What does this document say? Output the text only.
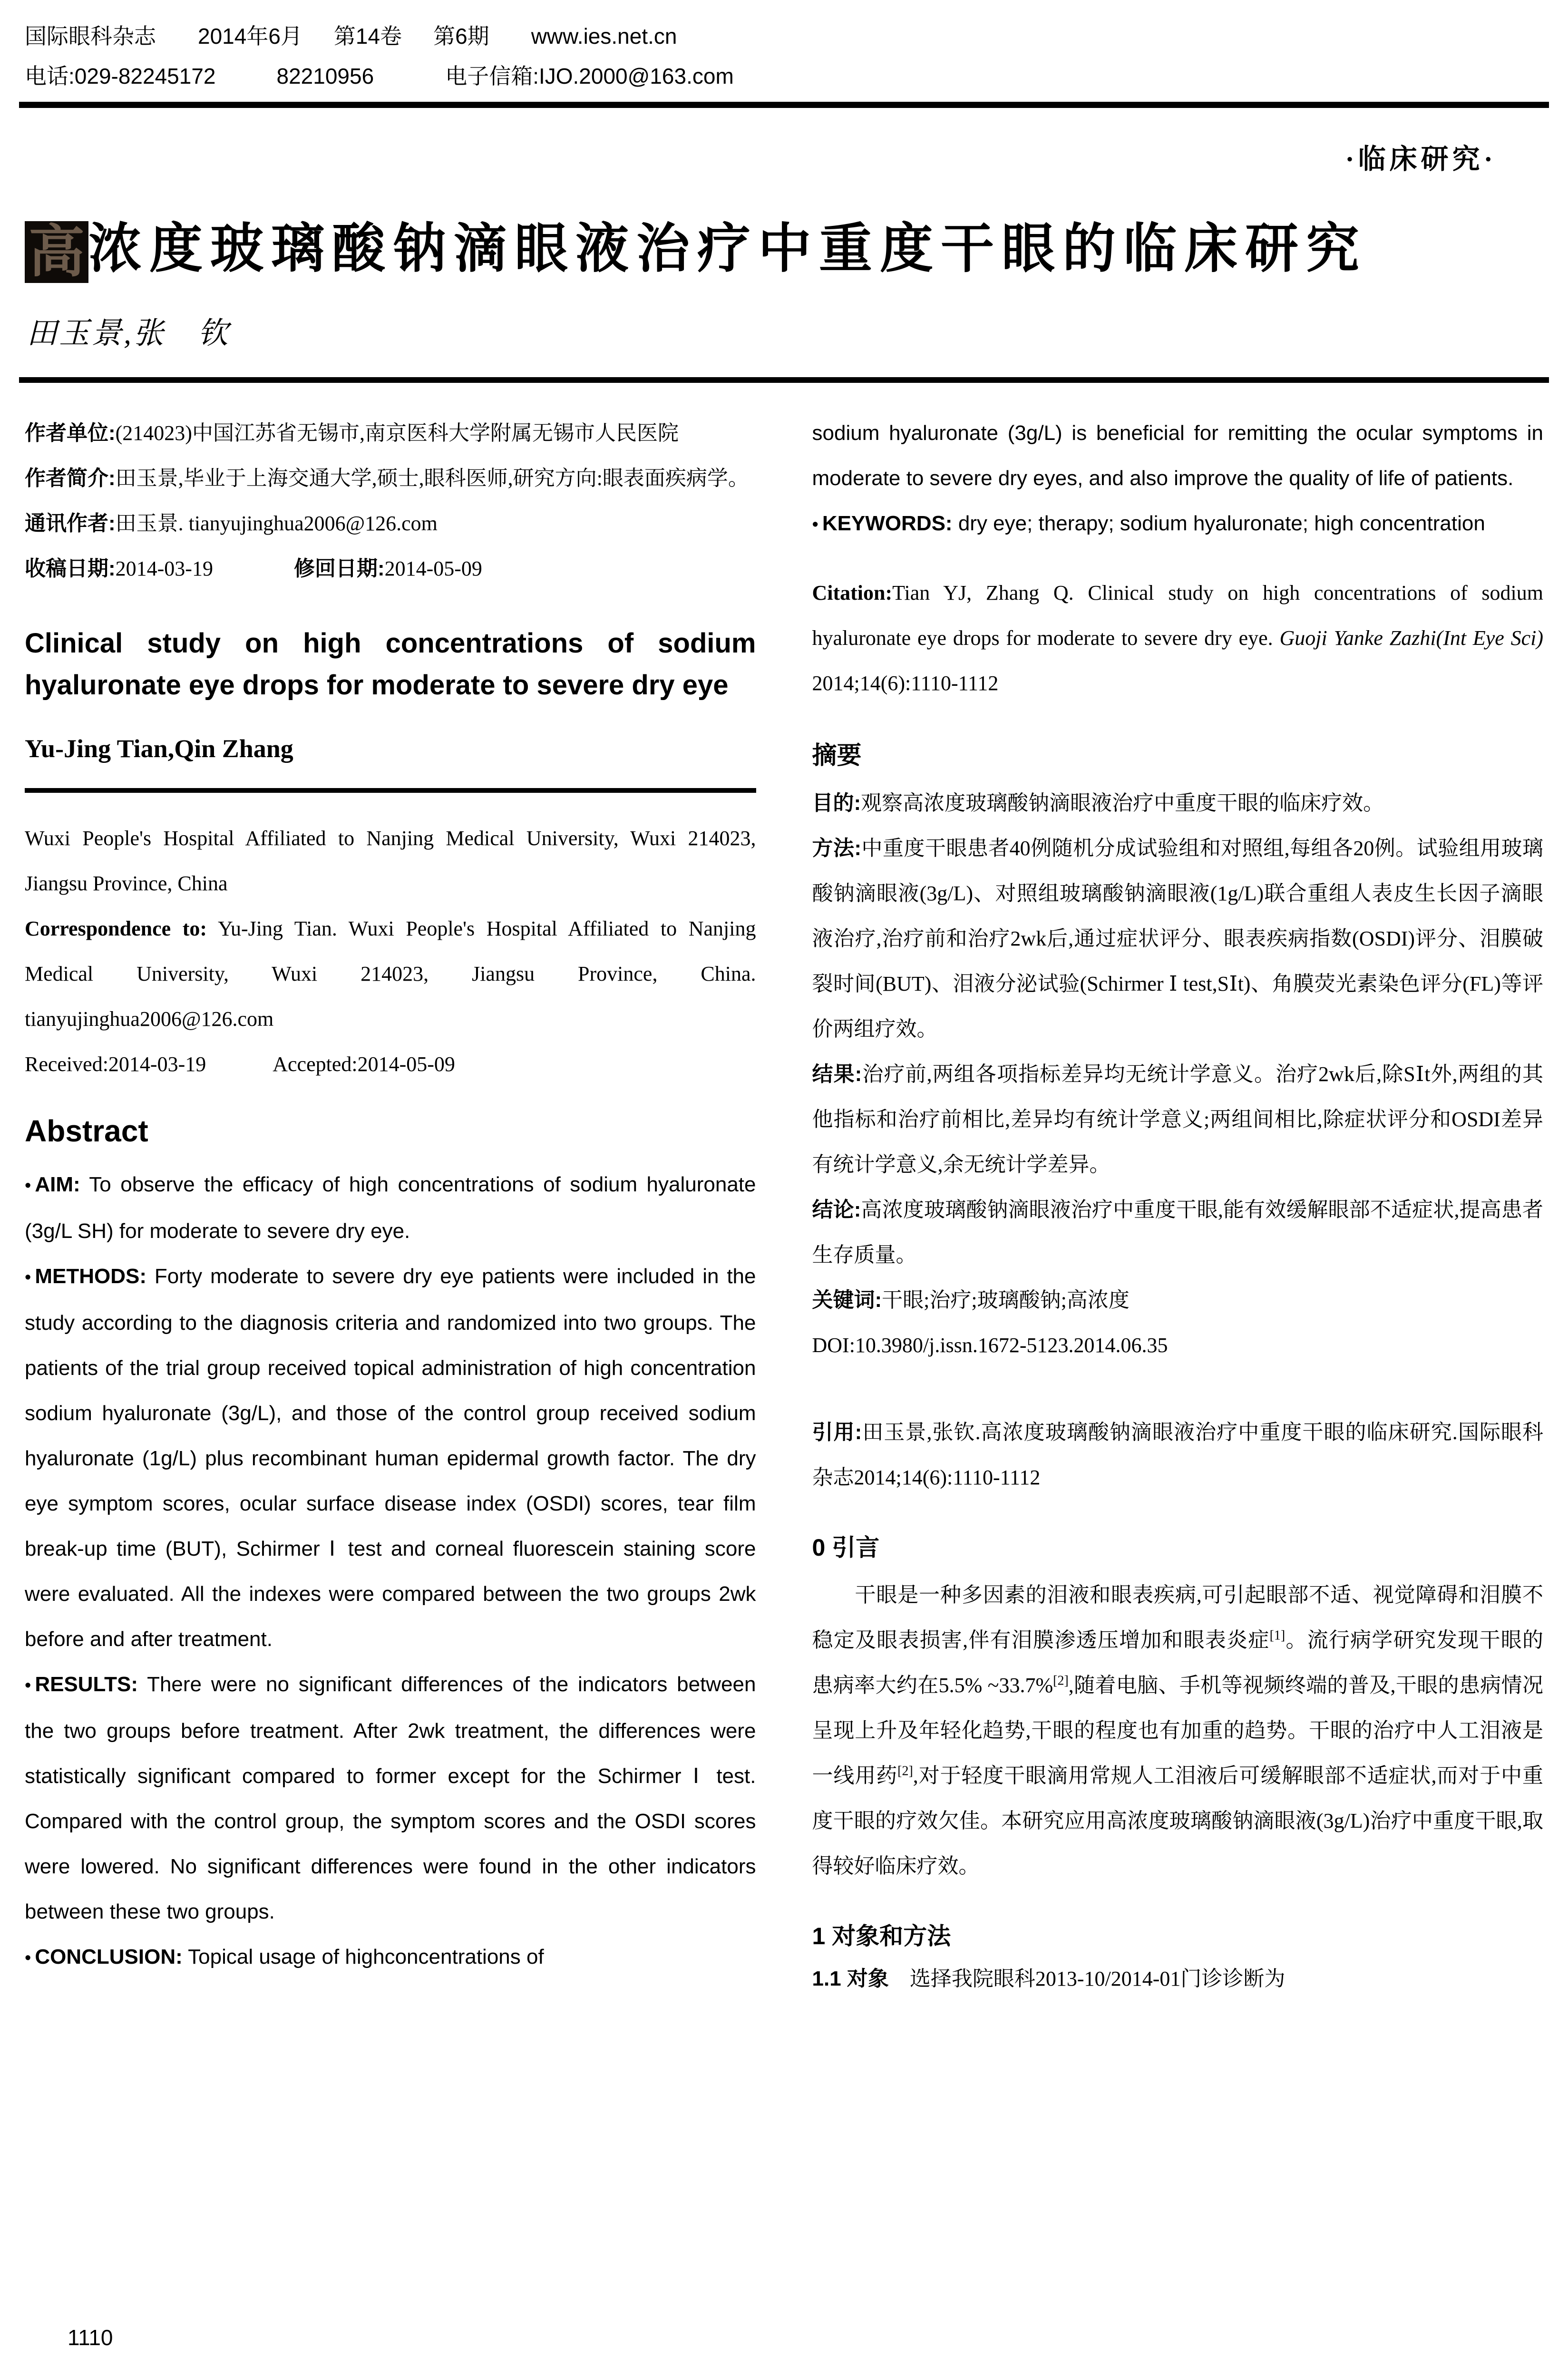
国际眼科杂志 2014年6月 第14卷 第6期 www.ies.net.cn
电话:029-82245172	82210956	电子信箱:IJO.2000@163.com
·临床研究·
高 浓度玻璃酸钠滴眼液治疗中重度干眼的临床研究
田玉景,张　钦

作者单位:(214023)中国江苏省无锡市,南京医科大学附属无锡市人民医院

作者简介:田玉景,毕业于上海交通大学,硕士,眼科医师,研究方向:眼表面疾病学。

通讯作者:田玉景. tianyujinghua2006@126.com

收稿日期:2014-03-19	修回日期:2014-05-09

Clinical study on high concentrations of sodium hyaluronate eye drops for moderate to severe dry eye

Yu-Jing Tian,Qin Zhang

Wuxi People's Hospital Affiliated to Nanjing Medical University, Wuxi 214023, Jiangsu Province, China

Correspondence to: Yu-Jing Tian. Wuxi People's Hospital Affiliated to Nanjing Medical University, Wuxi 214023, Jiangsu Province, China. tianyujinghua2006@126.com

Received:2014-03-19	Accepted:2014-05-09

Abstract

• AIM: To observe the efficacy of high concentrations of sodium hyaluronate (3g/L SH) for moderate to severe dry eye.

• METHODS: Forty moderate to severe dry eye patients were included in the study according to the diagnosis criteria and randomized into two groups. The patients of the trial group received topical administration of high concentration sodium hyaluronate (3g/L), and those of the control group received sodium hyaluronate (1g/L) plus recombinant human epidermal growth factor. The dry eye symptom scores, ocular surface disease index (OSDI) scores, tear film break-up time (BUT), Schirmer Ⅰ test and corneal fluorescein staining score were evaluated. All the indexes were compared between the two groups 2wk before and after treatment.

• RESULTS: There were no significant differences of the indicators between the two groups before treatment. After 2wk treatment, the differences were statistically significant compared to former except for the Schirmer Ⅰ test. Compared with the control group, the symptom scores and the OSDI scores were lowered. No significant differences were found in the other indicators between these two groups.

• CONCLUSION: Topical usage of highconcentrations of

sodium hyaluronate (3g/L) is beneficial for remitting the ocular symptoms in moderate to severe dry eyes, and also improve the quality of life of patients.

• KEYWORDS: dry eye; therapy; sodium hyaluronate; high concentration

Citation:Tian YJ, Zhang Q. Clinical study on high concentrations of sodium hyaluronate eye drops for moderate to severe dry eye. Guoji Yanke Zazhi(Int Eye Sci) 2014;14(6):1110-1112

摘要

目的:观察高浓度玻璃酸钠滴眼液治疗中重度干眼的临床疗效。

方法:中重度干眼患者40例随机分成试验组和对照组,每组各20例。试验组用玻璃酸钠滴眼液(3g/L)、对照组玻璃酸钠滴眼液(1g/L)联合重组人表皮生长因子滴眼液治疗,治疗前和治疗2wk后,通过症状评分、眼表疾病指数(OSDI)评分、泪膜破裂时间(BUT)、泪液分泌试验(Schirmer Ⅰ test,SⅠt)、角膜荧光素染色评分(FL)等评价两组疗效。

结果:治疗前,两组各项指标差异均无统计学意义。治疗2wk后,除SⅠt外,两组的其他指标和治疗前相比,差异均有统计学意义;两组间相比,除症状评分和OSDI差异有统计学意义,余无统计学差异。

结论:高浓度玻璃酸钠滴眼液治疗中重度干眼,能有效缓解眼部不适症状,提高患者生存质量。

关键词:干眼;治疗;玻璃酸钠;高浓度

DOI:10.3980/j.issn.1672-5123.2014.06.35

引用:田玉景,张钦.高浓度玻璃酸钠滴眼液治疗中重度干眼的临床研究.国际眼科杂志2014;14(6):1110-1112

0 引言

干眼是一种多因素的泪液和眼表疾病,可引起眼部不适、视觉障碍和泪膜不稳定及眼表损害,伴有泪膜渗透压增加和眼表炎症[1]。流行病学研究发现干眼的患病率大约在5.5% ~33.7%[2],随着电脑、手机等视频终端的普及,干眼的患病情况呈现上升及年轻化趋势,干眼的程度也有加重的趋势。干眼的治疗中人工泪液是一线用药[2],对于轻度干眼滴用常规人工泪液后可缓解眼部不适症状,而对于中重度干眼的疗效欠佳。本研究应用高浓度玻璃酸钠滴眼液(3g/L)治疗中重度干眼,取得较好临床疗效。

1 对象和方法

1.1 对象　选择我院眼科2013-10/2014-01门诊诊断为

1110
